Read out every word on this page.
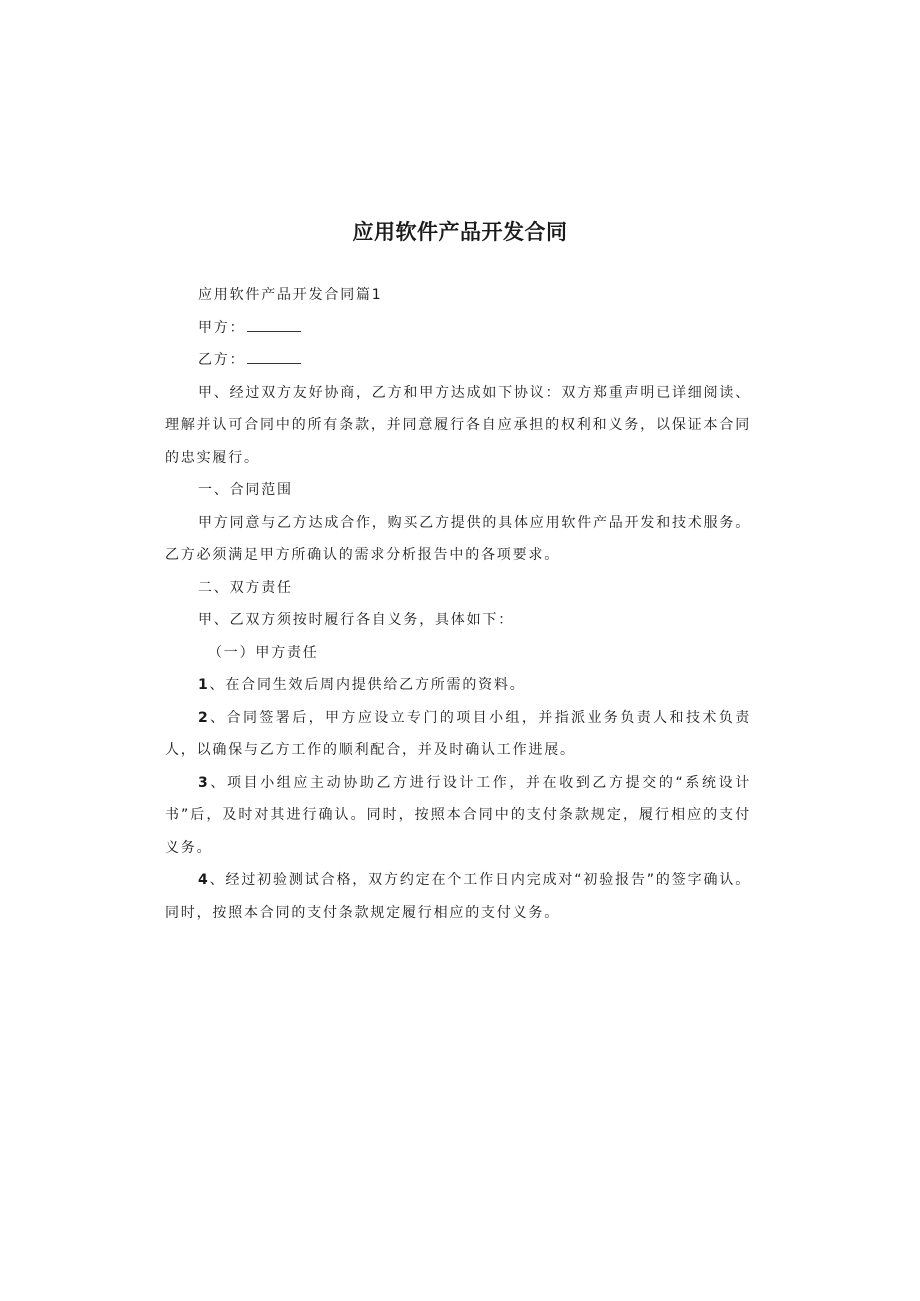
应用软件产品开发合同

应用软件产品开发合同篇1

甲方：

乙方：

甲、经过双方友好协商，乙方和甲方达成如下协议：双方郑重声明已详细阅读、理解并认可合同中的所有条款，并同意履行各自应承担的权利和义务，以保证本合同的忠实履行。

一、合同范围

甲方同意与乙方达成合作，购买乙方提供的具体应用软件产品开发和技术服务。乙方必须满足甲方所确认的需求分析报告中的各项要求。

二、双方责任

甲、乙双方须按时履行各自义务，具体如下：

（一）甲方责任

1、在合同生效后周内提供给乙方所需的资料。

2、合同签署后，甲方应设立专门的项目小组，并指派业务负责人和技术负责人，以确保与乙方工作的顺利配合，并及时确认工作进展。

3、项目小组应主动协助乙方进行设计工作，并在收到乙方提交的“系统设计书”后，及时对其进行确认。同时，按照本合同中的支付条款规定，履行相应的支付义务。

4、经过初验测试合格，双方约定在个工作日内完成对“初验报告”的签字确认。同时，按照本合同的支付条款规定履行相应的支付义务。
